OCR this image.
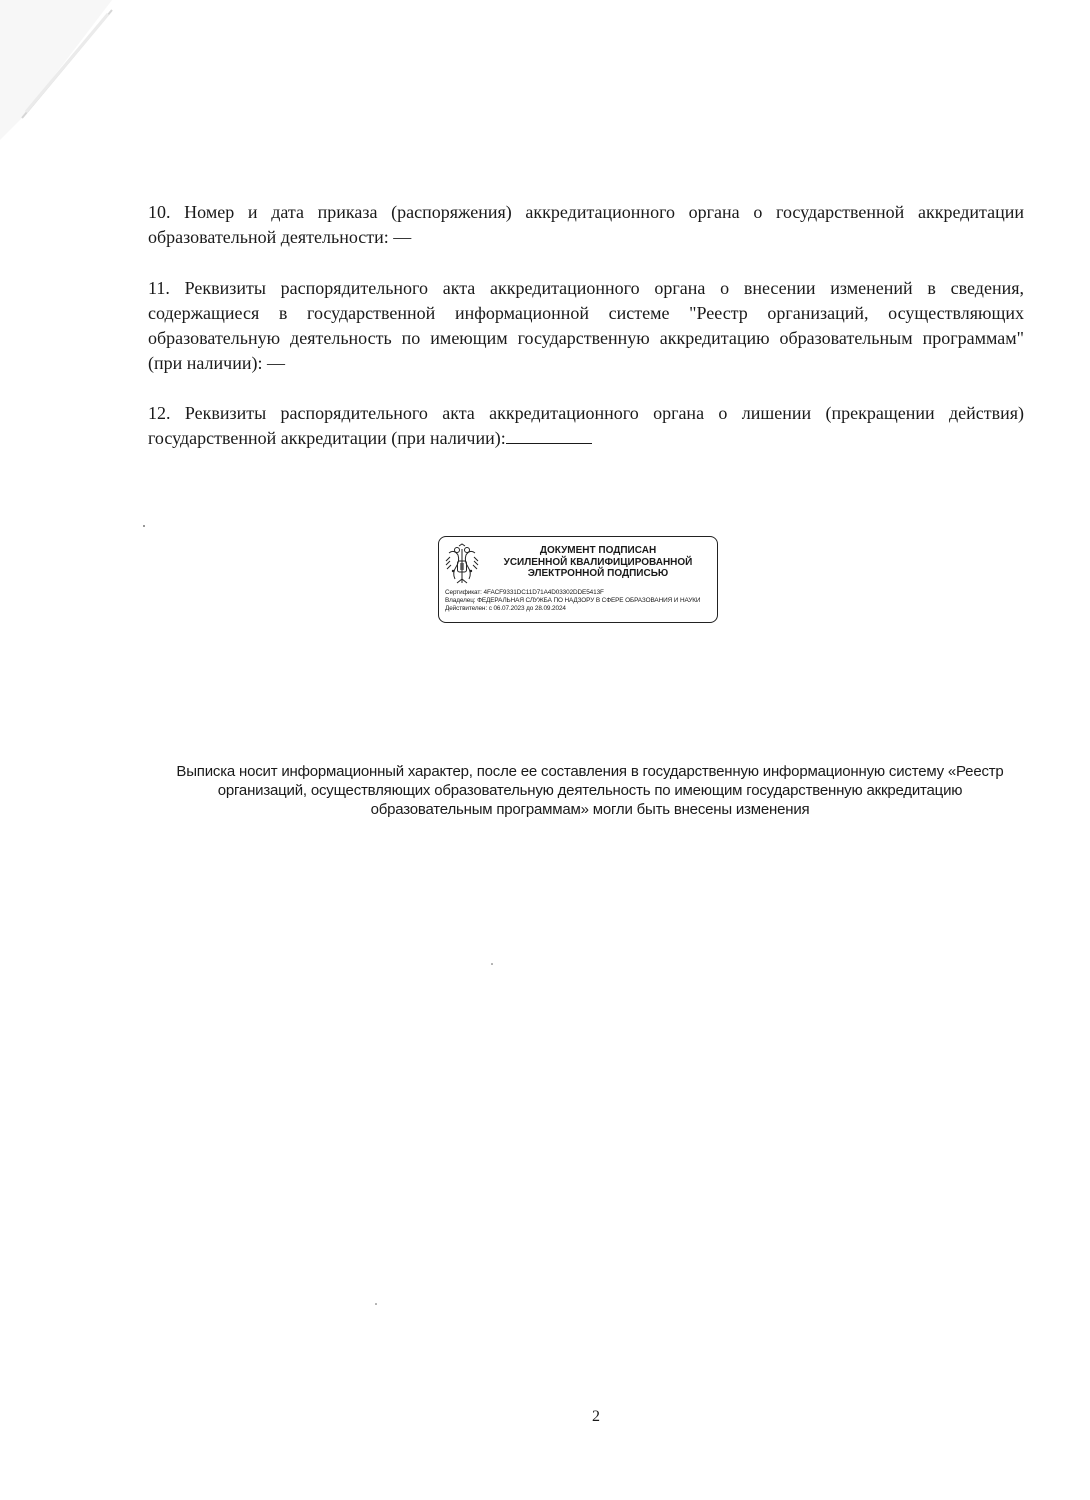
10. Номер и дата приказа (распоряжения) аккредитационного органа о государственной аккредитации образовательной деятельности: —
11. Реквизиты распорядительного акта аккредитационного органа о внесении изменений в сведения, содержащиеся в государственной информационной системе "Реестр организаций, осуществляющих образовательную деятельность по имеющим государственную аккредитацию образовательным программам" (при наличии): —
12. Реквизиты распорядительного акта аккредитационного органа о лишении (прекращении действия) государственной аккредитации (при наличии):
ДОКУМЕНТ ПОДПИСАН
УСИЛЕННОЙ КВАЛИФИЦИРОВАННОЙ
ЭЛЕКТРОННОЙ ПОДПИСЬЮ
Сертификат: 4FACF9331DC11D71A4D03302DDE5413F
Владелец: ФЕДЕРАЛЬНАЯ СЛУЖБА ПО НАДЗОРУ В СФЕРЕ ОБРАЗОВАНИЯ И НАУКИ
Действителен: с 06.07.2023 до 28.09.2024
Выписка носит информационный характер, после ее составления в государственную информационную систему «Реестр организаций, осуществляющих образовательную деятельность по имеющим государственную аккредитацию образовательным программам» могли быть внесены изменения
2
